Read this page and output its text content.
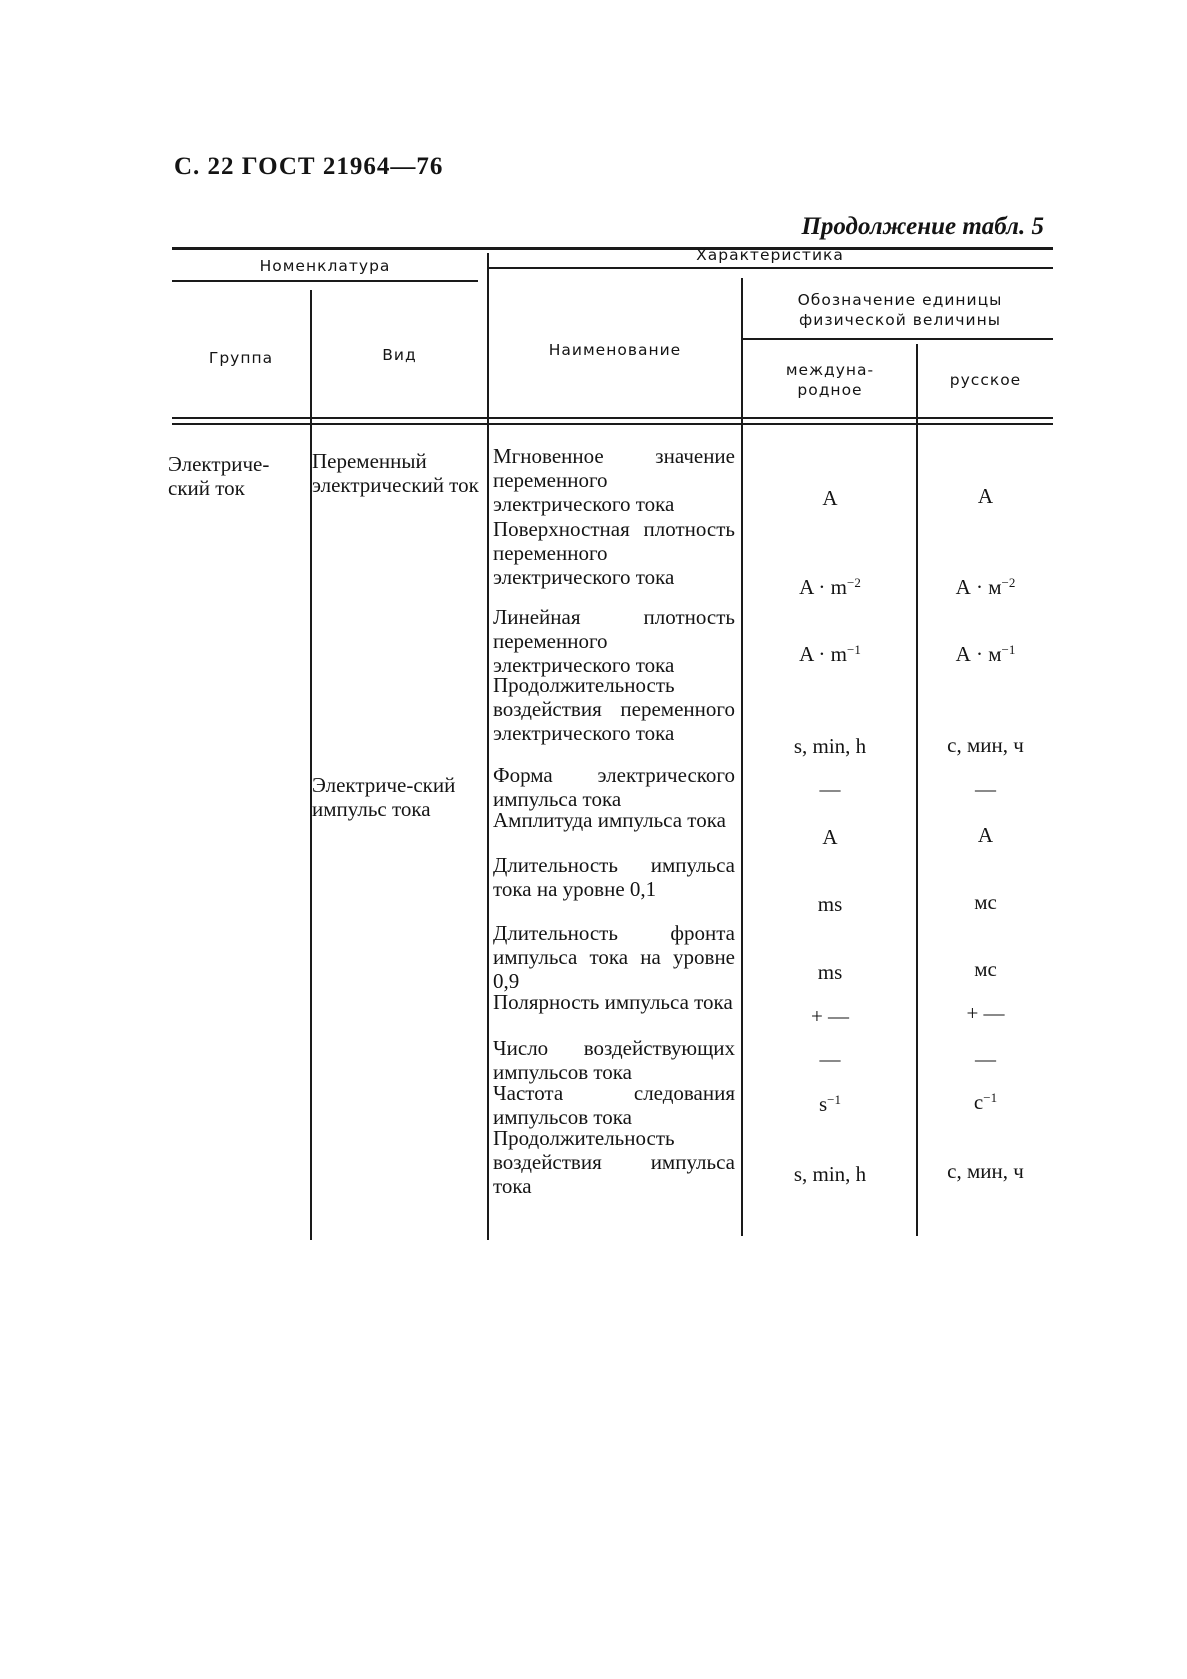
С. 22 ГОСТ 21964—76
Продолжение табл. 5
Номенклатура
Характеристика
Группа	Вид	Наименование
Обозначение единицы физической величины
междуна-родное
русское
Электриче-ский ток
Переменный электрический ток
Электриче-ский импульс тока
Мгновенное значение переменного электрического тока
Поверхностная плотность переменного электрического тока
Линейная плотность переменного электрического тока
Продолжительность воздействия переменного электрического тока
Форма электрического импульса тока
Амплитуда импульса тока
Длительность импульса тока на уровне 0,1
Длительность фронта импульса тока на уровне 0,9
Полярность импульса тока
Число воздействующих импульсов тока
Частота следования импульсов тока
Продолжительность воздействия импульса тока
A
$A \cdot m^{-2}$
$A \cdot m^{-1}$
s, min, h
—
A
ms
ms
+ —
—
$s^{-1}$
s, min, h
А
$А \cdot м^{-2}$
$А \cdot м^{-1}$
с, мин, ч
—
А
мс
мс
+ —
—
$с^{-1}$
с, мин, ч
